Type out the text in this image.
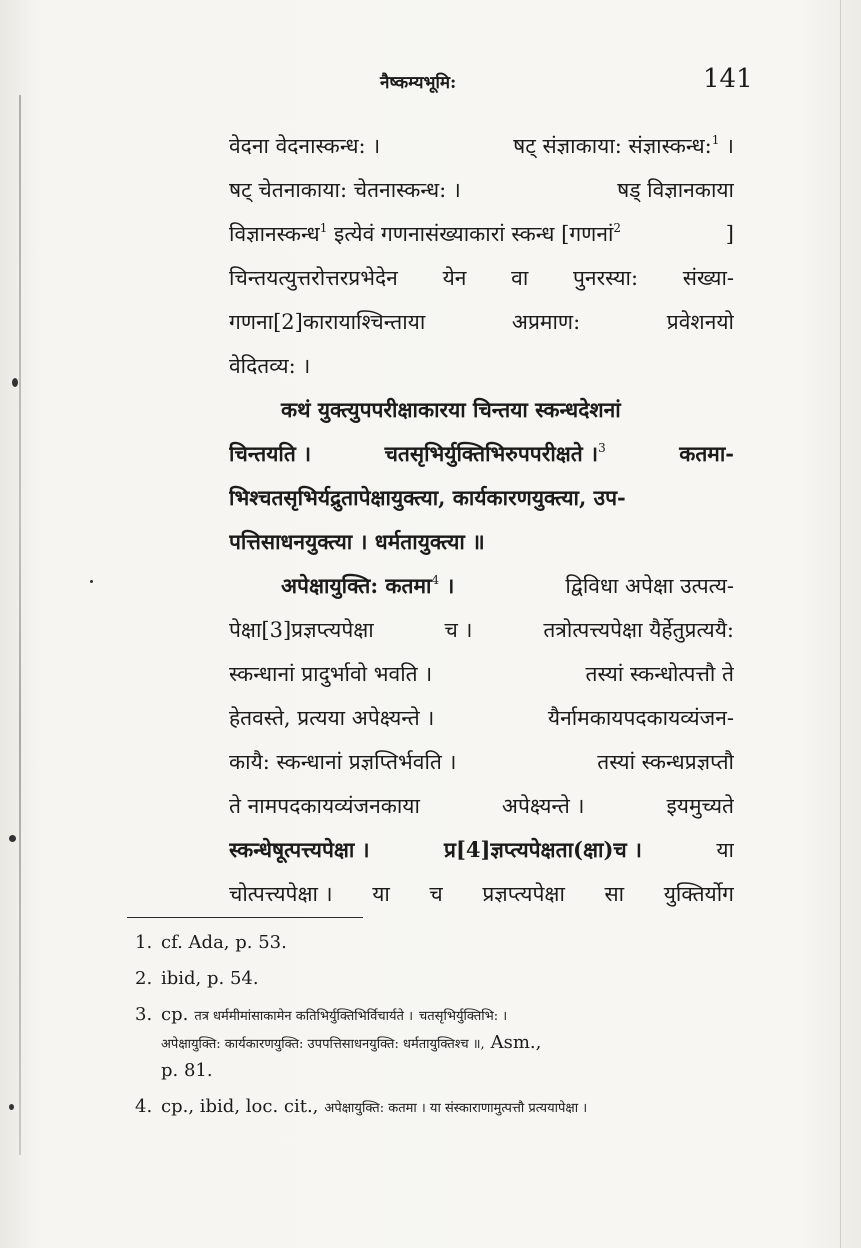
नैष्कम्यभूमि:	141
वेदना वेदनास्कन्ध: ।	षट् संज्ञाकाया: संज्ञास्कन्ध:$^1$ ।
षट् चेतनाकाया: चेतनास्कन्ध: ।	षड् विज्ञानकाया
विज्ञानस्कन्ध$^1$ इत्येवं गणनासंख्याकारां स्कन्ध [गणनां$^2$	]
चिन्तयत्युत्तरोत्तरप्रभेदेन येन वा पुनरस्या: संख्या-
गणना[2]कारायाश्चिन्ताया	अप्रमाण:	प्रवेशनयो
वेदितव्य: ।
कथं युक्त्युपपरीक्षाकारया चिन्तया स्कन्धदेशनां
चिन्तयति ।	चतसृभिर्युक्तिभिरुपपरीक्षते ।$^3$	कतमा-
भिश्चतसृभिर्यद्रुतापेक्षायुक्त्या, कार्यकारणयुक्त्या, उप-
पत्तिसाधनयुक्त्या । धर्मतायुक्त्या ॥
अपेक्षायुक्ति: कतमा$^4$ ।	द्विविधा अपेक्षा उत्पत्य-
पेक्षा[3]प्रज्ञप्त्यपेक्षा	च ।	तत्रोत्पत्त्यपेक्षा यैर्हेतुप्रत्ययै:
स्कन्धानां प्रादुर्भावो भवति ।	तस्यां स्कन्धोत्पत्तौ ते
हेतवस्ते, प्रत्यया अपेक्ष्यन्ते ।	यैर्नामकायपदकायव्यंजन-
कायै: स्कन्धानां प्रज्ञप्तिर्भवति ।	तस्यां स्कन्धप्रज्ञप्तौ
ते नामपदकायव्यंजनकाया	अपेक्ष्यन्ते ।	इयमुच्यते
स्कन्धेषूत्पत्त्यपेक्षा ।	प्र[4]ज्ञप्त्यपेक्षता(क्षा)च ।	या
चोत्पत्त्यपेक्षा । या च प्रज्ञप्त्यपेक्षा सा युक्तिर्योग
1. cf. Ada, p. 53.
2. ibid, p. 54.
3. cp. तत्र धर्ममीमांसाकामेन कतिभिर्युक्तिभिर्विचार्यते । चतसृभिर्युक्तिभि: ।
अपेक्षायुक्ति: कार्यकारणयुक्ति: उपपत्तिसाधनयुक्ति: धर्मतायुक्तिश्च ॥, Asm.,
p. 81.
4. cp., ibid, loc. cit., अपेक्षायुक्ति: कतमा । या संस्काराणामुत्पत्तौ प्रत्ययापेक्षा ।
